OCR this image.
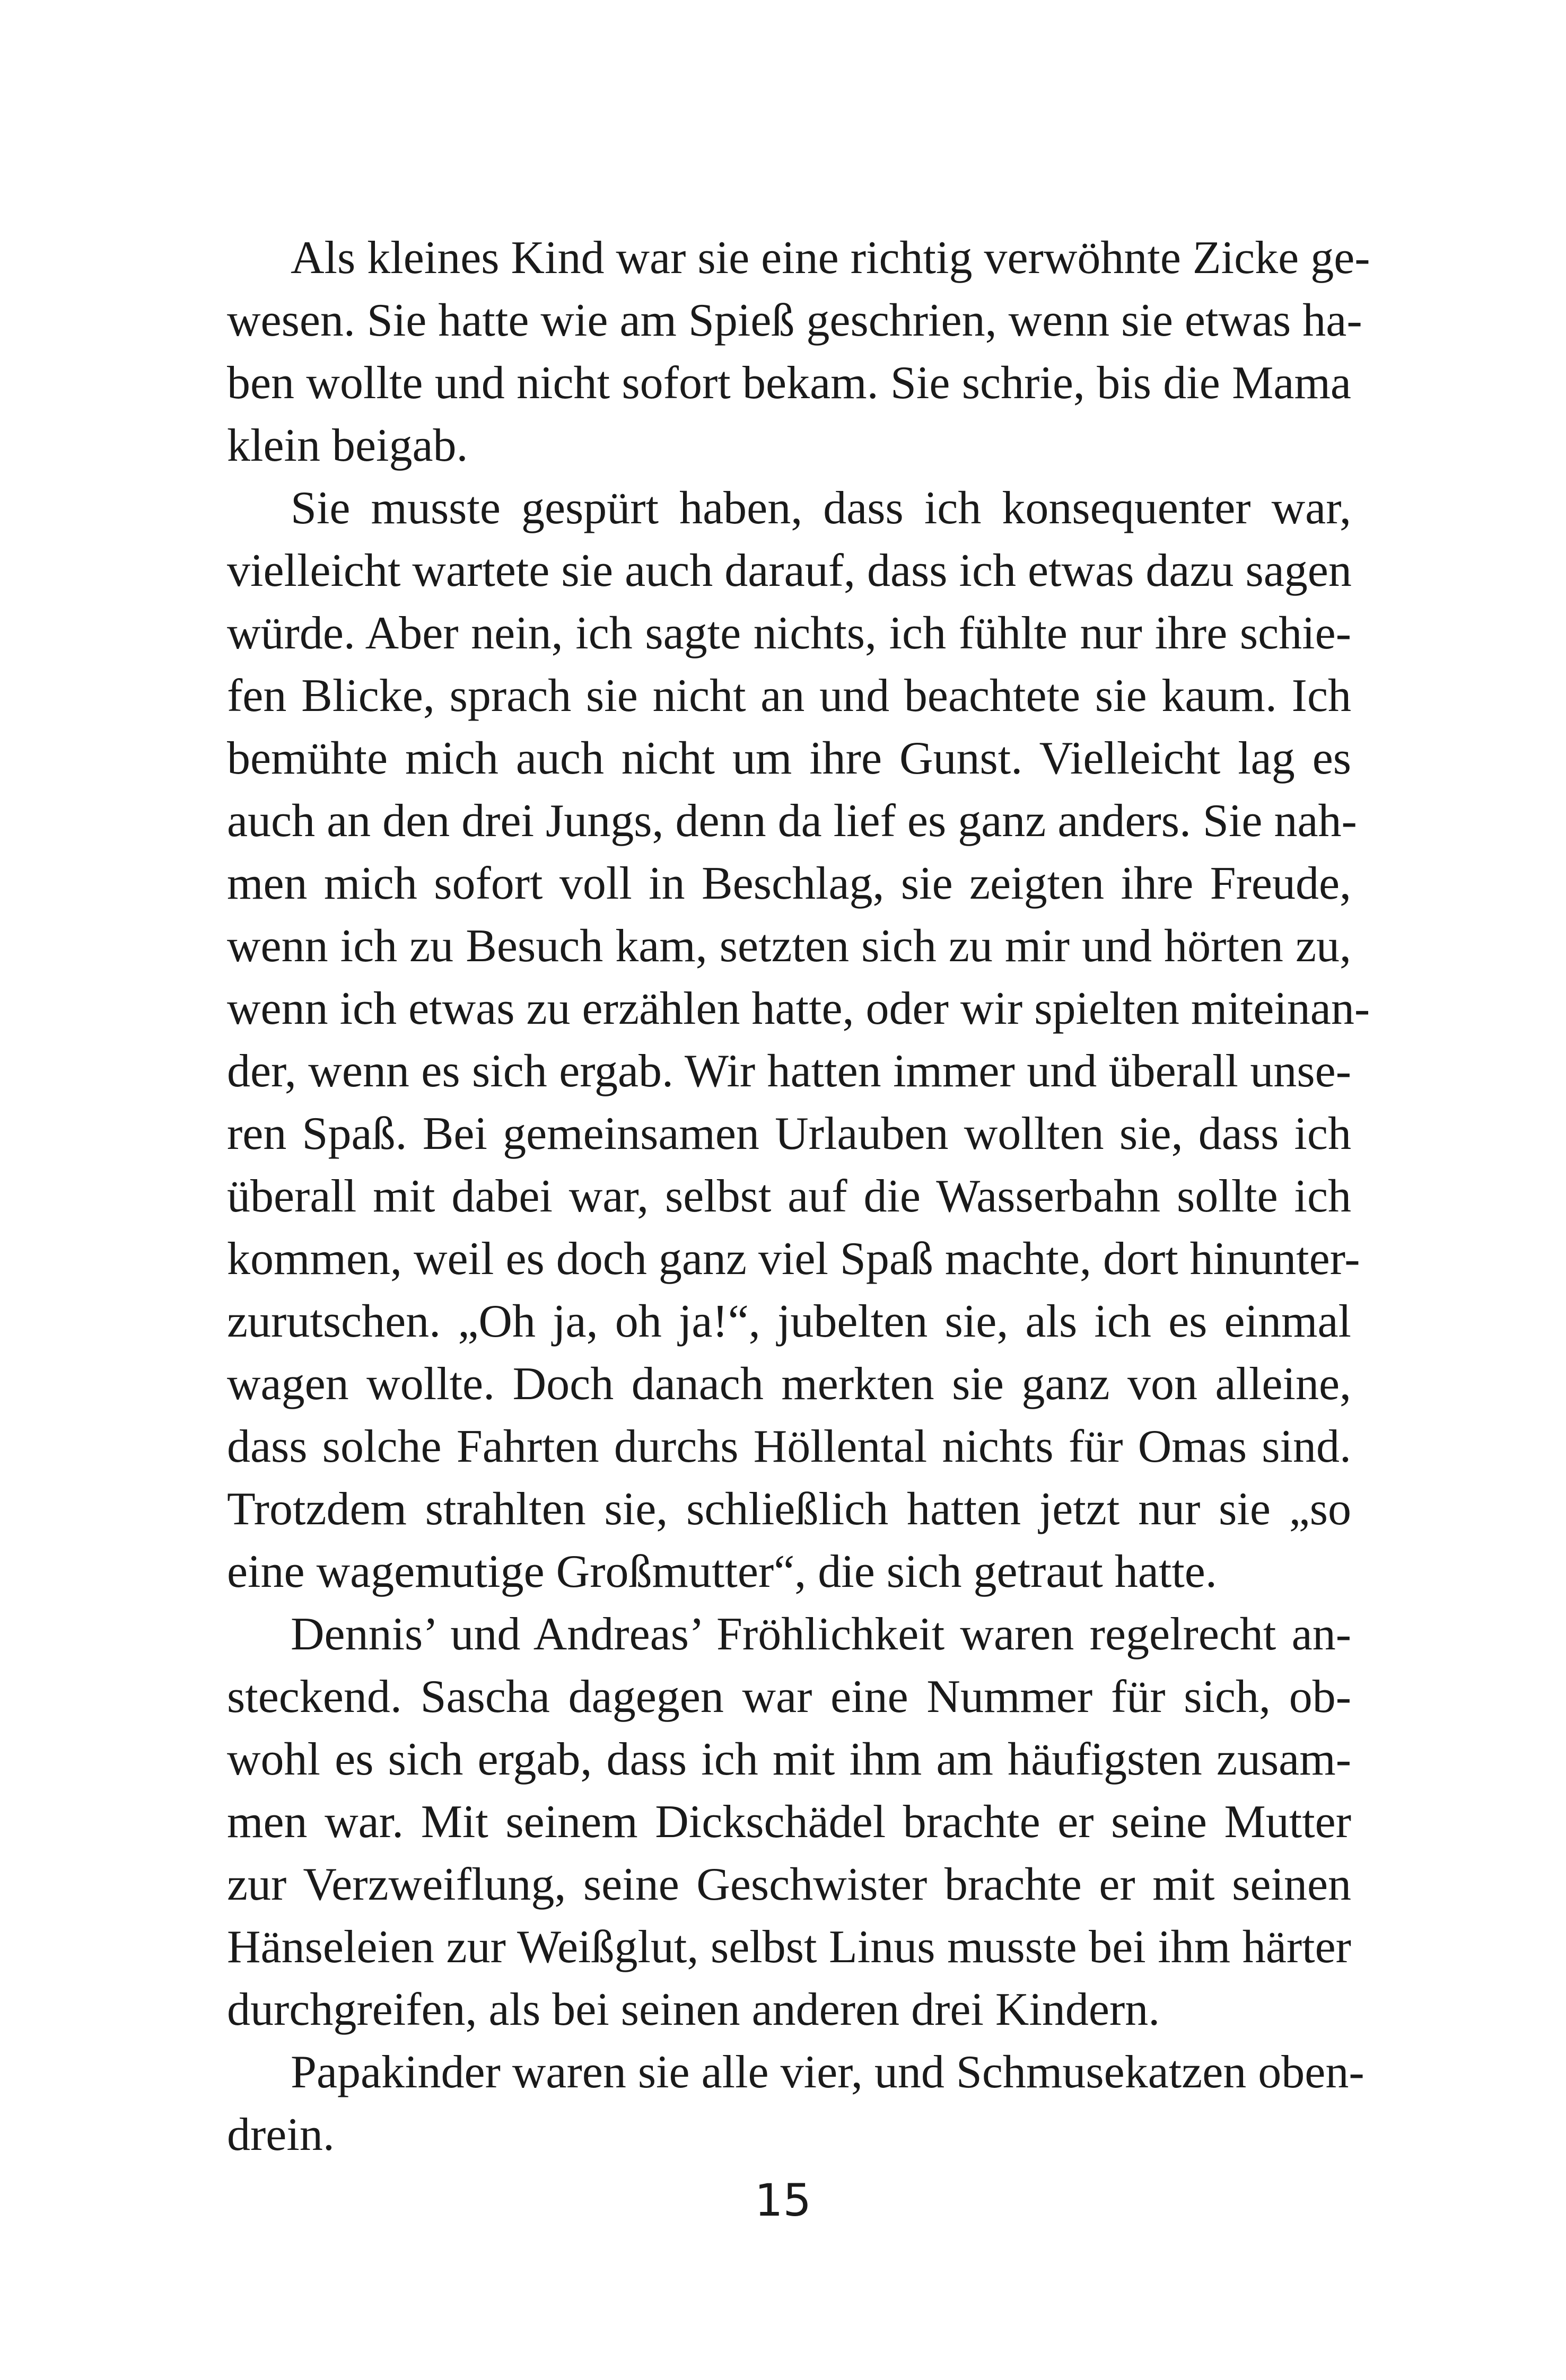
Als kleines Kind war sie eine richtig verwöhnte Zicke ge-
wesen. Sie hatte wie am Spieß geschrien, wenn sie etwas ha-
ben wollte und nicht sofort bekam. Sie schrie, bis die Mama
klein beigab.

Sie musste gespürt haben, dass ich konsequenter war,
vielleicht wartete sie auch darauf, dass ich etwas dazu sagen
würde. Aber nein, ich sagte nichts, ich fühlte nur ihre schie-
fen Blicke, sprach sie nicht an und beachtete sie kaum. Ich
bemühte mich auch nicht um ihre Gunst. Vielleicht lag es
auch an den drei Jungs, denn da lief es ganz anders. Sie nah-
men mich sofort voll in Beschlag, sie zeigten ihre Freude,
wenn ich zu Besuch kam, setzten sich zu mir und hörten zu,
wenn ich etwas zu erzählen hatte, oder wir spielten miteinan-
der, wenn es sich ergab. Wir hatten immer und überall unse-
ren Spaß. Bei gemeinsamen Urlauben wollten sie, dass ich
überall mit dabei war, selbst auf die Wasserbahn sollte ich
kommen, weil es doch ganz viel Spaß machte, dort hinunter-
zurutschen. „Oh ja, oh ja!“, jubelten sie, als ich es einmal
wagen wollte. Doch danach merkten sie ganz von alleine,
dass solche Fahrten durchs Höllental nichts für Omas sind.
Trotzdem strahlten sie, schließlich hatten jetzt nur sie „so
eine wagemutige Großmutter“, die sich getraut hatte.

Dennis’ und Andreas’ Fröhlichkeit waren regelrecht an-
steckend. Sascha dagegen war eine Nummer für sich, ob-
wohl es sich ergab, dass ich mit ihm am häufigsten zusam-
men war. Mit seinem Dickschädel brachte er seine Mutter
zur Verzweiflung, seine Geschwister brachte er mit seinen
Hänseleien zur Weißglut, selbst Linus musste bei ihm härter
durchgreifen, als bei seinen anderen drei Kindern.

Papakinder waren sie alle vier, und Schmusekatzen oben-
drein.

15
